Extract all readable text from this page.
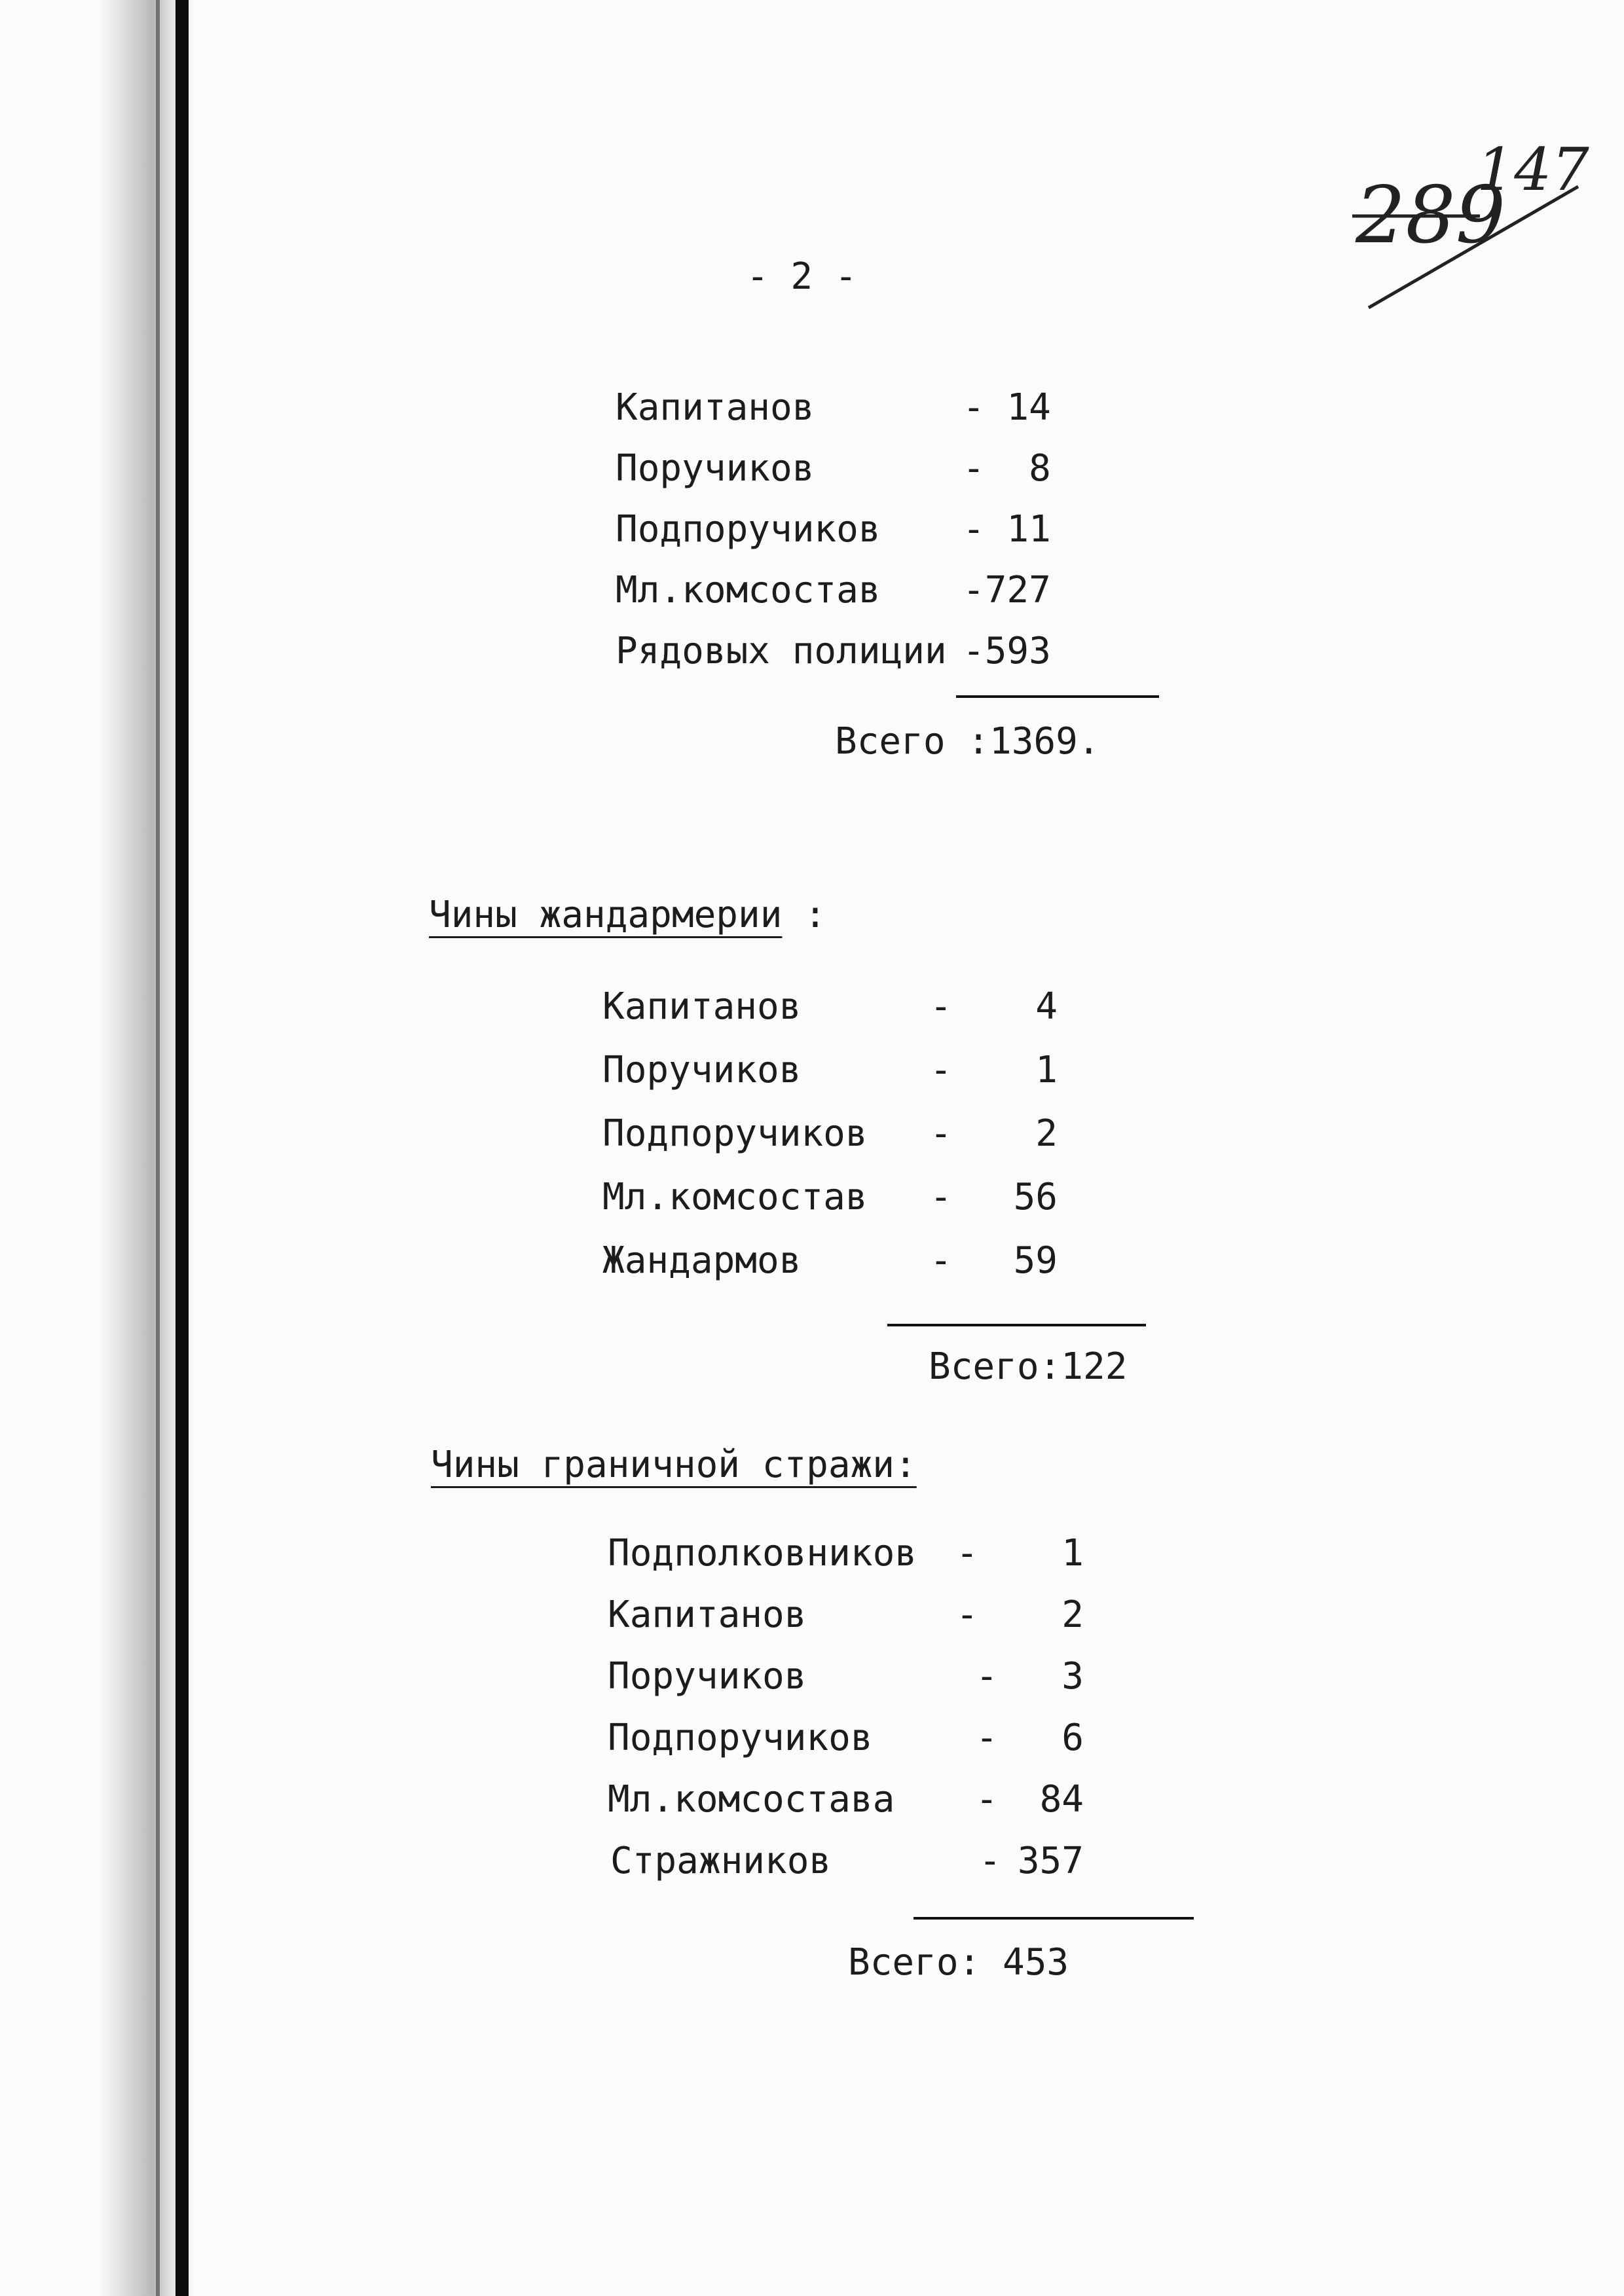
289
147
- 2 -
Капитанов	- 14
Поручиков	-  8
Подпоручиков - 11
Мл.комсостав -727
Рядовых полиции -593
Всего :1369.
Чины жандармерии :
Капитанов	-	4
Поручиков	-	1
Подпоручиков -	2
Мл.комсостав -	56
Жандармов	-	59
Всего:122
Чины граничной стражи:
Подполковников -	1
Капитанов	-	2
Поручиков	-	3
Подпоручиков	-	6
Мл.комсостава -	84
Стражников	- 357
Всего: 453
